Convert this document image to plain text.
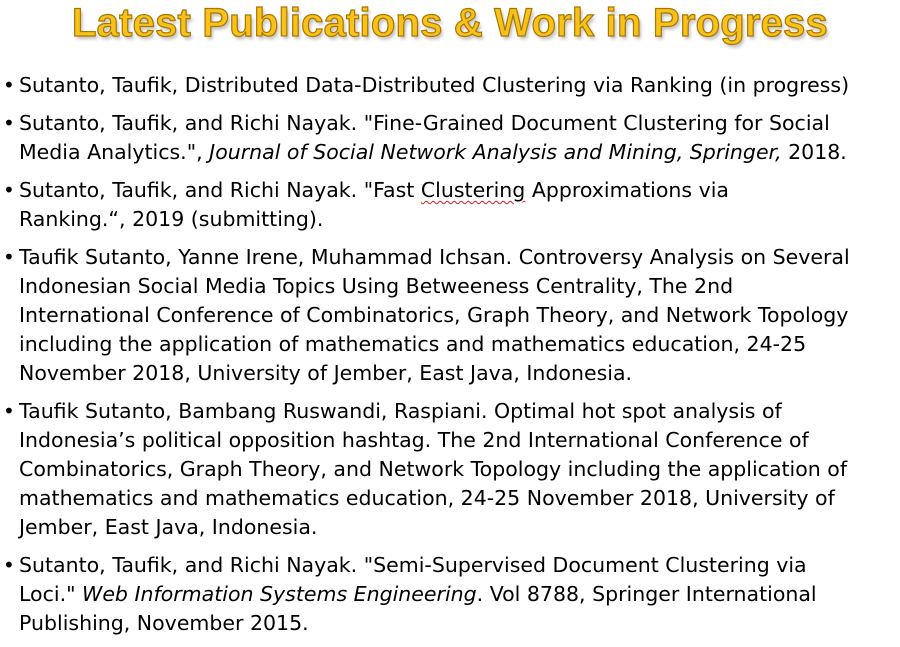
Latest Publications & Work in Progress
• Sutanto, Taufik, Distributed Data-Distributed Clustering via Ranking (in progress)
• Sutanto, Taufik, and Richi Nayak. "Fine-Grained Document Clustering for Social
Media Analytics.", Journal of Social Network Analysis and Mining, Springer, 2018.
• Sutanto, Taufik, and Richi Nayak. "Fast Clustering Approximations via
Ranking.“, 2019 (submitting).
• Taufik Sutanto, Yanne Irene, Muhammad Ichsan. Controversy Analysis on Several
Indonesian Social Media Topics Using Betweeness Centrality, The 2nd
International Conference of Combinatorics, Graph Theory, and Network Topology
including the application of mathematics and mathematics education, 24-25
November 2018, University of Jember, East Java, Indonesia.
• Taufik Sutanto, Bambang Ruswandi, Raspiani. Optimal hot spot analysis of
Indonesia’s political opposition hashtag. The 2nd International Conference of
Combinatorics, Graph Theory, and Network Topology including the application of
mathematics and mathematics education, 24-25 November 2018, University of
Jember, East Java, Indonesia.
• Sutanto, Taufik, and Richi Nayak. "Semi-Supervised Document Clustering via
Loci." Web Information Systems Engineering. Vol 8788, Springer International
Publishing, November 2015.
